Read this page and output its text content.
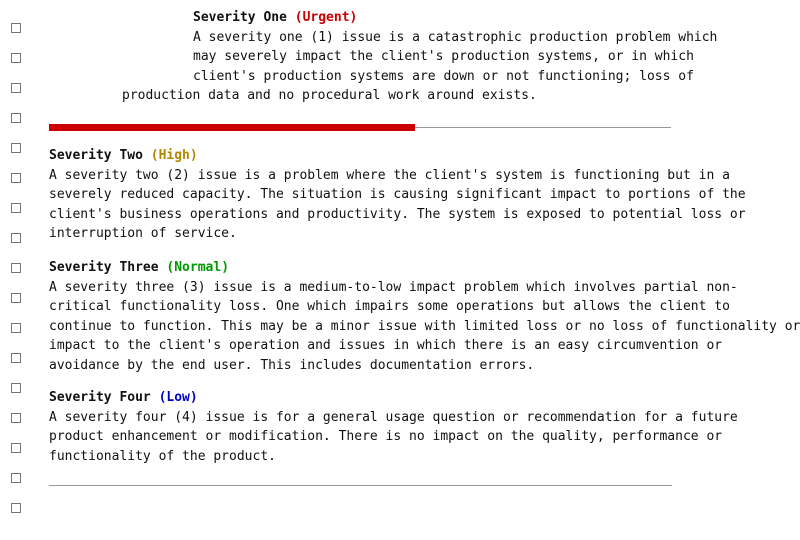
Severity One (Urgent)
A severity one (1) issue is a catastrophic production problem which
may severely impact the client's production systems, or in which
client's production systems are down or not functioning; loss of
production data and no procedural work around exists.
Severity Two (High)
A severity two (2) issue is a problem where the client's system is functioning but in a
severely reduced capacity. The situation is causing significant impact to portions of the
client's business operations and productivity. The system is exposed to potential loss or
interruption of service.
Severity Three (Normal)
A severity three (3) issue is a medium-to-low impact problem which involves partial non-
critical functionality loss. One which impairs some operations but allows the client to
continue to function. This may be a minor issue with limited loss or no loss of functionality or
impact to the client's operation and issues in which there is an easy circumvention or
avoidance by the end user. This includes documentation errors.
Severity Four (Low)
A severity four (4) issue is for a general usage question or recommendation for a future
product enhancement or modification. There is no impact on the quality, performance or
functionality of the product.
